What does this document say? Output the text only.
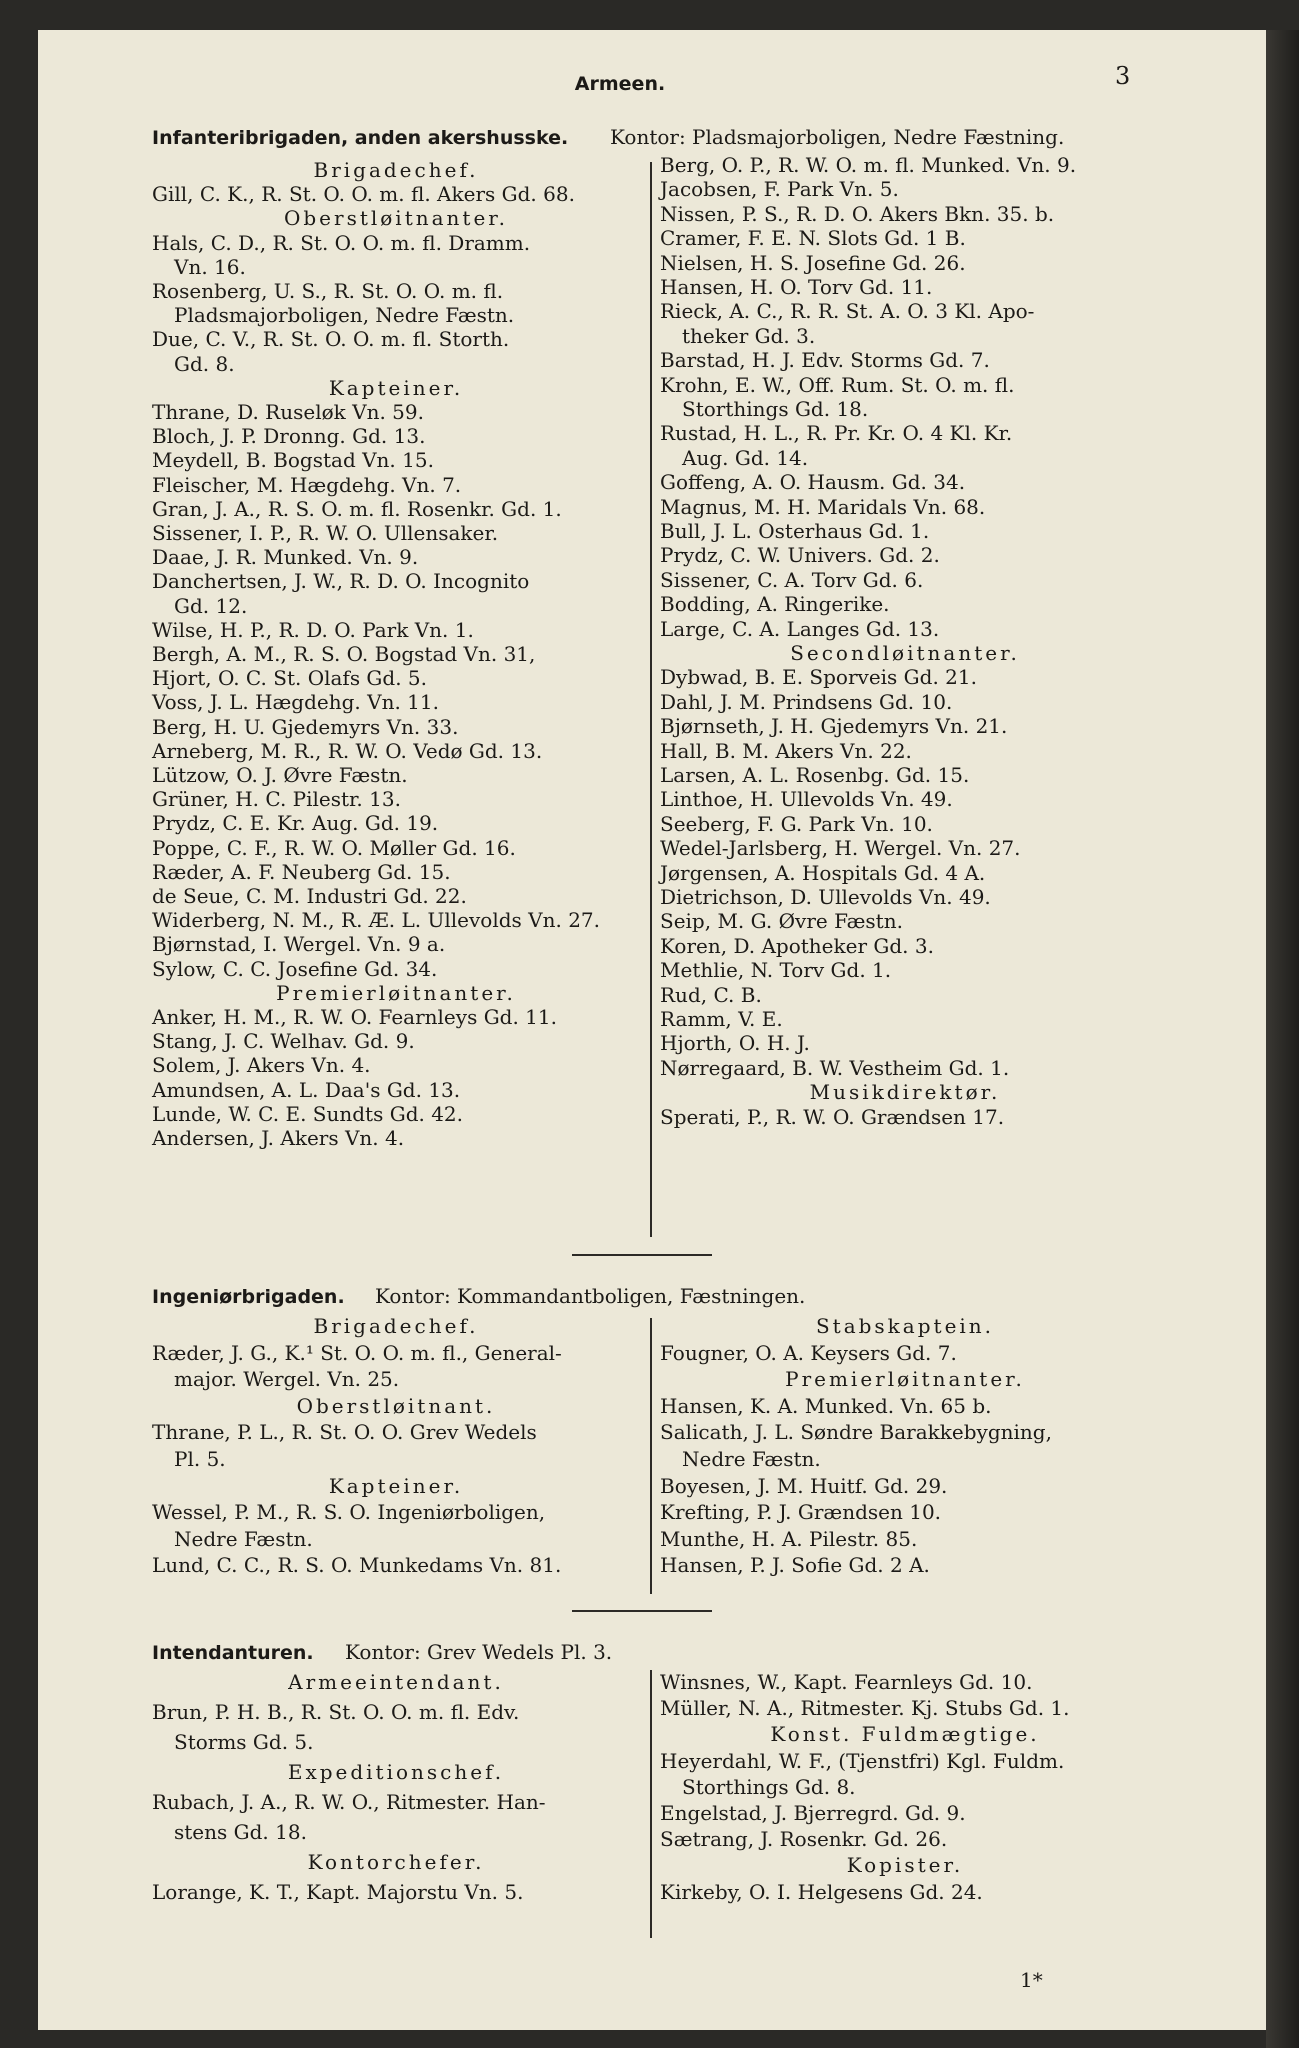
Armeen.	3
Infanteribrigaden, anden akershusske. Kontor: Pladsmajorboligen, Nedre Fæstning.
Brigadechef.
Gill, C. K., R. St. O. O. m. fl. Akers Gd. 68.
Oberstløitnanter.
Hals, C. D., R. St. O. O. m. fl. Dramm.
Vn. 16.
Rosenberg, U. S., R. St. O. O. m. fl.
Pladsmajorboligen, Nedre Fæstn.
Due, C. V., R. St. O. O. m. fl. Storth.
Gd. 8.
Kapteiner.
Thrane, D. Ruseløk Vn. 59.
Bloch, J. P. Dronng. Gd. 13.
Meydell, B. Bogstad Vn. 15.
Fleischer, M. Hægdehg. Vn. 7.
Gran, J. A., R. S. O. m. fl. Rosenkr. Gd. 1.
Sissener, I. P., R. W. O. Ullensaker.
Daae, J. R. Munked. Vn. 9.
Danchertsen, J. W., R. D. O. Incognito
Gd. 12.
Wilse, H. P., R. D. O. Park Vn. 1.
Bergh, A. M., R. S. O. Bogstad Vn. 31,
Hjort, O. C. St. Olafs Gd. 5.
Voss, J. L. Hægdehg. Vn. 11.
Berg, H. U. Gjedemyrs Vn. 33.
Arneberg, M. R., R. W. O. Vedø Gd. 13.
Lützow, O. J. Øvre Fæstn.
Grüner, H. C. Pilestr. 13.
Prydz, C. E. Kr. Aug. Gd. 19.
Poppe, C. F., R. W. O. Møller Gd. 16.
Ræder, A. F. Neuberg Gd. 15.
de Seue, C. M. Industri Gd. 22.
Widerberg, N. M., R. Æ. L. Ullevolds Vn. 27.
Bjørnstad, I. Wergel. Vn. 9 a.
Sylow, C. C. Josefine Gd. 34.
Premierløitnanter.
Anker, H. M., R. W. O. Fearnleys Gd. 11.
Stang, J. C. Welhav. Gd. 9.
Solem, J. Akers Vn. 4.
Amundsen, A. L. Daa's Gd. 13.
Lunde, W. C. E. Sundts Gd. 42.
Andersen, J. Akers Vn. 4.
Berg, O. P., R. W. O. m. fl. Munked. Vn. 9.
Jacobsen, F. Park Vn. 5.
Nissen, P. S., R. D. O. Akers Bkn. 35. b.
Cramer, F. E. N. Slots Gd. 1 B.
Nielsen, H. S. Josefine Gd. 26.
Hansen, H. O. Torv Gd. 11.
Rieck, A. C., R. R. St. A. O. 3 Kl. Apo-
theker Gd. 3.
Barstad, H. J. Edv. Storms Gd. 7.
Krohn, E. W., Off. Rum. St. O. m. fl.
Storthings Gd. 18.
Rustad, H. L., R. Pr. Kr. O. 4 Kl. Kr.
Aug. Gd. 14.
Goffeng, A. O. Hausm. Gd. 34.
Magnus, M. H. Maridals Vn. 68.
Bull, J. L. Osterhaus Gd. 1.
Prydz, C. W. Univers. Gd. 2.
Sissener, C. A. Torv Gd. 6.
Bodding, A. Ringerike.
Large, C. A. Langes Gd. 13.
Secondløitnanter.
Dybwad, B. E. Sporveis Gd. 21.
Dahl, J. M. Prindsens Gd. 10.
Bjørnseth, J. H. Gjedemyrs Vn. 21.
Hall, B. M. Akers Vn. 22.
Larsen, A. L. Rosenbg. Gd. 15.
Linthoe, H. Ullevolds Vn. 49.
Seeberg, F. G. Park Vn. 10.
Wedel-Jarlsberg, H. Wergel. Vn. 27.
Jørgensen, A. Hospitals Gd. 4 A.
Dietrichson, D. Ullevolds Vn. 49.
Seip, M. G. Øvre Fæstn.
Koren, D. Apotheker Gd. 3.
Methlie, N. Torv Gd. 1.
Rud, C. B.
Ramm, V. E.
Hjorth, O. H. J.
Nørregaard, B. W. Vestheim Gd. 1.
Musikdirektør.
Sperati, P., R. W. O. Grændsen 17.
Ingeniørbrigaden. Kontor: Kommandantboligen, Fæstningen.
Brigadechef.
Ræder, J. G., K.¹ St. O. O. m. fl., General-
major. Wergel. Vn. 25.
Oberstløitnant.
Thrane, P. L., R. St. O. O. Grev Wedels
Pl. 5.
Kapteiner.
Wessel, P. M., R. S. O. Ingeniørboligen,
Nedre Fæstn.
Lund, C. C., R. S. O. Munkedams Vn. 81.
Stabskaptein.
Fougner, O. A. Keysers Gd. 7.
Premierløitnanter.
Hansen, K. A. Munked. Vn. 65 b.
Salicath, J. L. Søndre Barakkebygning,
Nedre Fæstn.
Boyesen, J. M. Huitf. Gd. 29.
Krefting, P. J. Grændsen 10.
Munthe, H. A. Pilestr. 85.
Hansen, P. J. Sofie Gd. 2 A.
Intendanturen. Kontor: Grev Wedels Pl. 3.
Armeeintendant.
Brun, P. H. B., R. St. O. O. m. fl. Edv.
Storms Gd. 5.
Expeditionschef.
Rubach, J. A., R. W. O., Ritmester. Han-
stens Gd. 18.
Kontorchefer.
Lorange, K. T., Kapt. Majorstu Vn. 5.
Winsnes, W., Kapt. Fearnleys Gd. 10.
Müller, N. A., Ritmester. Kj. Stubs Gd. 1.
Konst. Fuldmægtige.
Heyerdahl, W. F., (Tjenstfri) Kgl. Fuldm.
Storthings Gd. 8.
Engelstad, J. Bjerregrd. Gd. 9.
Sætrang, J. Rosenkr. Gd. 26.
Kopister.
Kirkeby, O. I. Helgesens Gd. 24.
1*
